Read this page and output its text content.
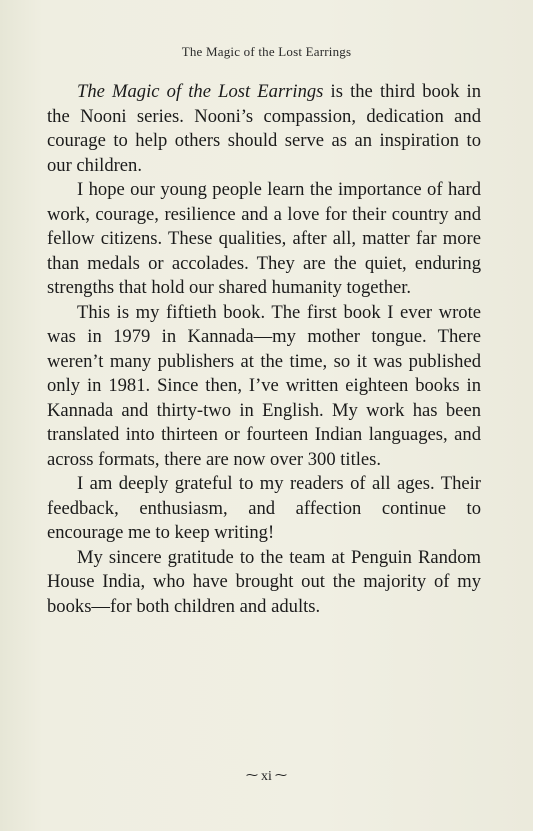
The Magic of the Lost Earrings

The Magic of the Lost Earrings is the third book in the Nooni series. Nooni’s compassion, dedication and courage to help others should serve as an inspiration to our children.

I hope our young people learn the importance of hard work, courage, resilience and a love for their country and fellow citizens. These qualities, after all, matter far more than medals or accolades. They are the quiet, enduring strengths that hold our shared humanity together.

This is my fiftieth book. The first book I ever wrote was in 1979 in Kannada—my mother tongue. There weren’t many publishers at the time, so it was published only in 1981. Since then, I’ve written eighteen books in Kannada and thirty-two in English. My work has been translated into thirteen or fourteen Indian languages, and across formats, there are now over 300 titles.

I am deeply grateful to my readers of all ages. Their feedback, enthusiasm, and affection continue to encourage me to keep writing!

My sincere gratitude to the team at Penguin Random House India, who have brought out the majority of my books—for both children and adults.

⁓ xi ⁓
